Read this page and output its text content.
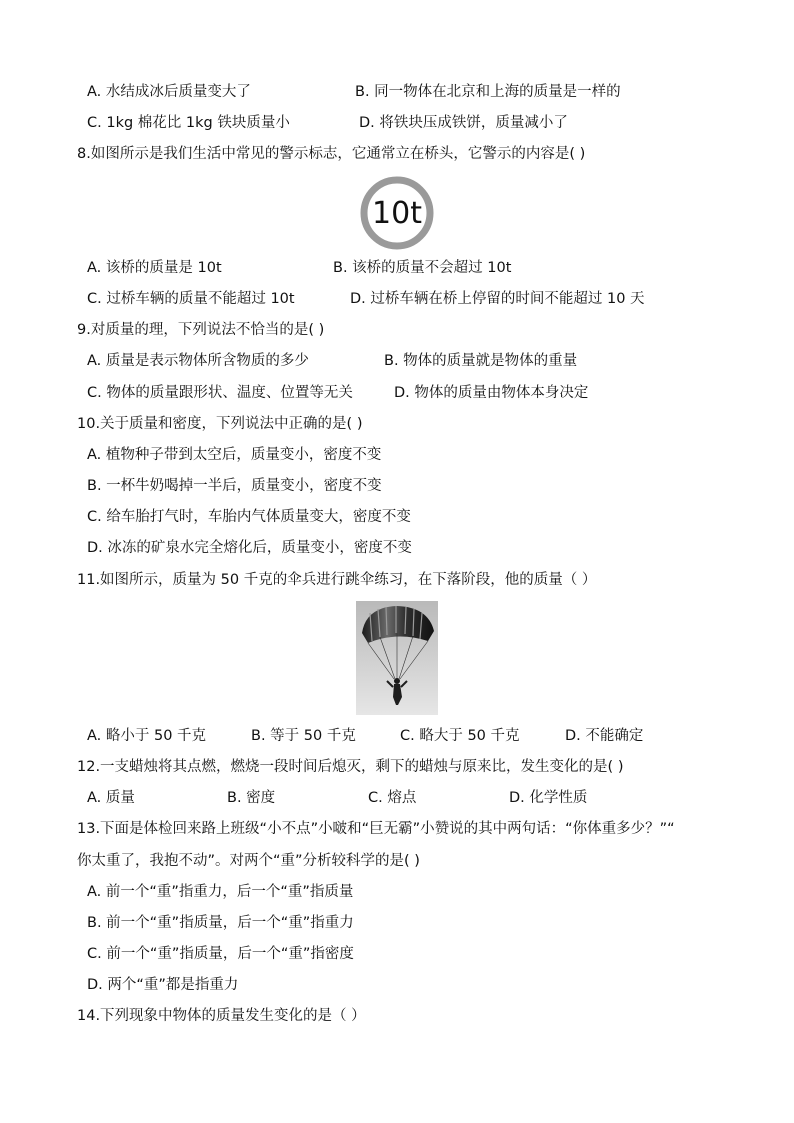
A. 水结成冰后质量变大了	B. 同一物体在北京和上海的质量是一样的
C. 1kg 棉花比 1kg 铁块质量小	D. 将铁块压成铁饼，质量减小了
8.如图所示是我们生活中常见的警示标志，它通常立在桥头，它警示的内容是( )
10t
A. 该桥的质量是 10t	B. 该桥的质量不会超过 10t
C. 过桥车辆的质量不能超过 10t	D. 过桥车辆在桥上停留的时间不能超过 10 天
9.对质量的理，下列说法不恰当的是( )
A. 质量是表示物体所含物质的多少	B. 物体的质量就是物体的重量
C. 物体的质量跟形状、温度、位置等无关	D. 物体的质量由物体本身决定
10.关于质量和密度，下列说法中正确的是( )
A. 植物种子带到太空后，质量变小，密度不变
B. 一杯牛奶喝掉一半后，质量变小，密度不变
C. 给车胎打气时，车胎内气体质量变大，密度不变
D. 冰冻的矿泉水完全熔化后，质量变小，密度不变
11.如图所示，质量为 50 千克的伞兵进行跳伞练习，在下落阶段，他的质量（ ）
A. 略小于 50 千克	B. 等于 50 千克	C. 略大于 50 千克	D. 不能确定
12.一支蜡烛将其点燃，燃烧一段时间后熄灭，剩下的蜡烛与原来比，发生变化的是( )
A. 质量	B. 密度	C. 熔点	D. 化学性质
13.下面是体检回来路上班级“小不点”小啵和“巨无霸”小赞说的其中两句话：“你体重多少？”“
你太重了，我抱不动”。对两个“重”分析较科学的是( )
A. 前一个“重”指重力，后一个“重”指质量
B. 前一个“重”指质量，后一个“重”指重力
C. 前一个“重”指质量，后一个“重”指密度
D. 两个“重”都是指重力
14.下列现象中物体的质量发生变化的是（ ）
